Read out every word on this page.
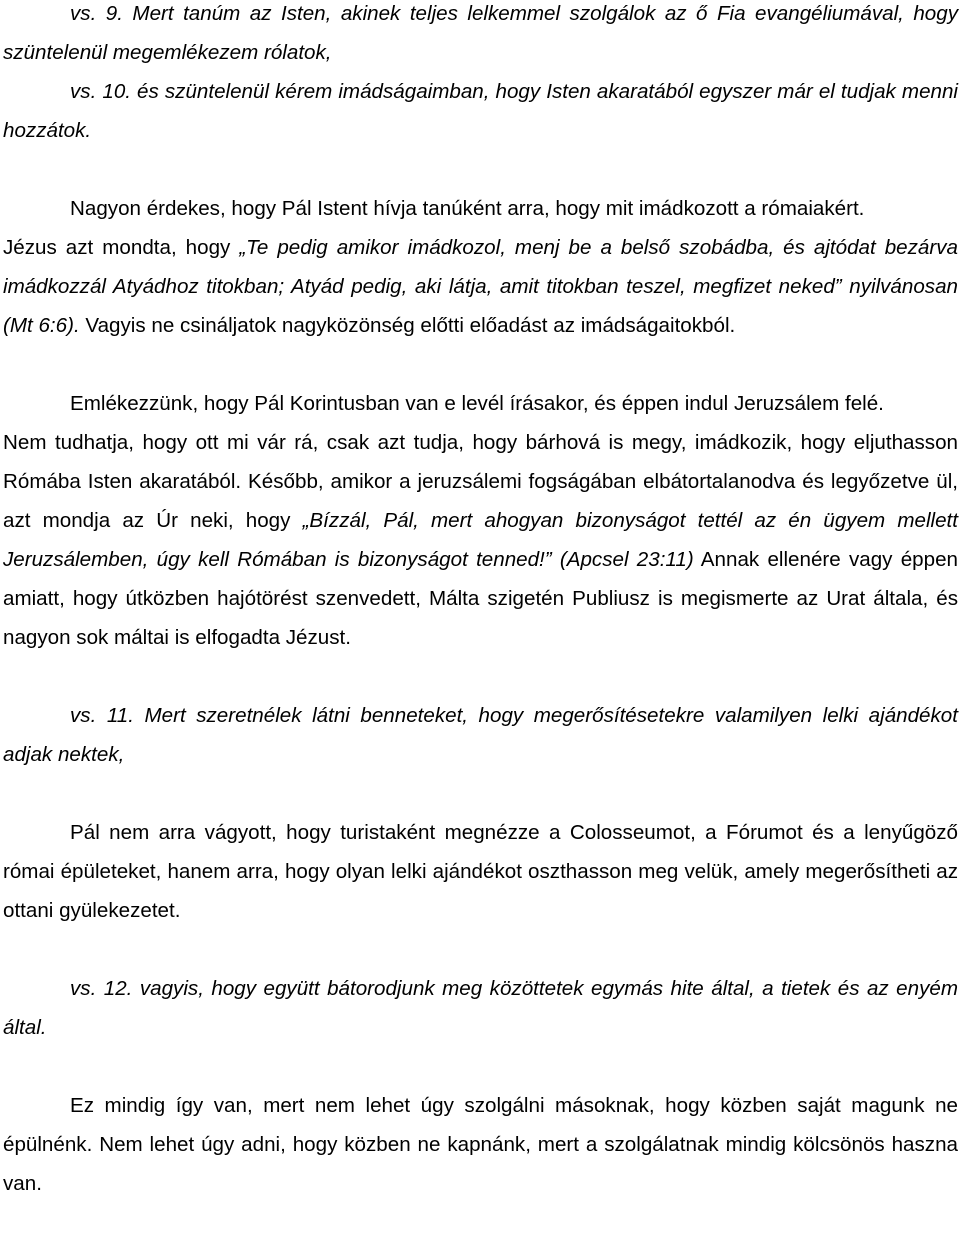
vs. 9. Mert tanúm az Isten, akinek teljes lelkemmel szolgálok az ő Fia evangéliumával, hogy szüntelenül megemlékezem rólatok,

vs. 10. és szüntelenül kérem imádságaimban, hogy Isten akaratából egyszer már el tudjak menni hozzátok.

Nagyon érdekes, hogy Pál Istent hívja tanúként arra, hogy mit imádkozott a rómaiakért.

Jézus azt mondta, hogy „Te pedig amikor imádkozol, menj be a belső szobádba, és ajtódat bezárva imádkozzál Atyádhoz titokban; Atyád pedig, aki látja, amit titokban teszel, megfizet neked” nyilvánosan (Mt 6:6). Vagyis ne csináljatok nagyközönség előtti előadást az imádságaitokból.

Emlékezzünk, hogy Pál Korintusban van e levél írásakor, és éppen indul Jeruzsálem felé.

Nem tudhatja, hogy ott mi vár rá, csak azt tudja, hogy bárhová is megy, imádkozik, hogy eljuthasson Rómába Isten akaratából. Később, amikor a jeruzsálemi fogságában elbátortalanodva és legyőzetve ül, azt mondja az Úr neki, hogy „Bízzál, Pál, mert ahogyan bizonyságot tettél az én ügyem mellett Jeruzsálemben, úgy kell Rómában is bizonyságot tenned!” (Apcsel 23:11) Annak ellenére vagy éppen amiatt, hogy útközben hajótörést szenvedett, Málta szigetén Publiusz is megismerte az Urat általa, és nagyon sok máltai is elfogadta Jézust.

vs. 11. Mert szeretnélek látni benneteket, hogy megerősítésetekre valamilyen lelki ajándékot adjak nektek,

Pál nem arra vágyott, hogy turistaként megnézze a Colosseumot, a Fórumot és a lenyűgöző római épületeket, hanem arra, hogy olyan lelki ajándékot oszthasson meg velük, amely megerősítheti az ottani gyülekezetet.

vs. 12. vagyis, hogy együtt bátorodjunk meg közöttetek egymás hite által, a tietek és az enyém által.

Ez mindig így van, mert nem lehet úgy szolgálni másoknak, hogy közben saját magunk ne épülnénk. Nem lehet úgy adni, hogy közben ne kapnánk, mert a szolgálatnak mindig kölcsönös haszna van.
